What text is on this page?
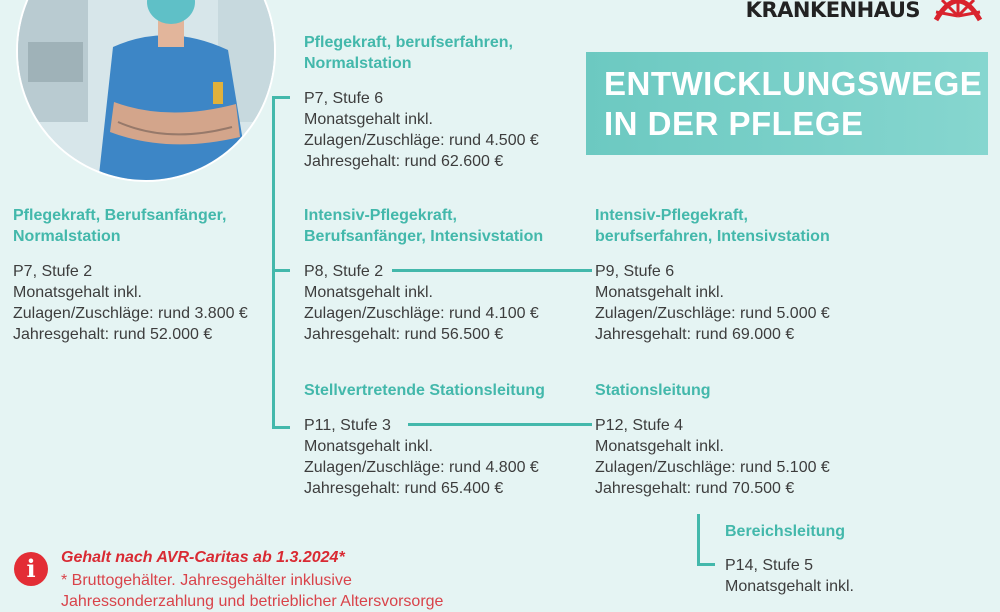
KRANKENHAUS
ENTWICKLUNGSWEGE
IN DER PFLEGE
Pflegekraft, Berufsanfänger,
Normalstation
P7, Stufe 2
Monatsgehalt inkl.
Zulagen/Zuschläge: rund 3.800 €
Jahresgehalt: rund 52.000 €
Pflegekraft, berufserfahren,
Normalstation
P7, Stufe 6
Monatsgehalt inkl.
Zulagen/Zuschläge: rund 4.500 €
Jahresgehalt: rund 62.600 €
Intensiv-Pflegekraft,
Berufsanfänger, Intensivstation
P8, Stufe 2
Monatsgehalt inkl.
Zulagen/Zuschläge: rund 4.100 €
Jahresgehalt: rund 56.500 €
Intensiv-Pflegekraft,
berufserfahren, Intensivstation
P9, Stufe 6
Monatsgehalt inkl.
Zulagen/Zuschläge: rund 5.000 €
Jahresgehalt: rund 69.000 €
Stellvertretende Stationsleitung
P11, Stufe 3
Monatsgehalt inkl.
Zulagen/Zuschläge: rund 4.800 €
Jahresgehalt: rund 65.400 €
Stationsleitung
P12, Stufe 4
Monatsgehalt inkl.
Zulagen/Zuschläge: rund 5.100 €
Jahresgehalt: rund 70.500 €
Bereichsleitung
P14, Stufe 5
Monatsgehalt inkl.
i	Gehalt nach AVR-Caritas ab 1.3.2024*
* Bruttogehälter. Jahresgehälter inklusive
Jahressonderzahlung und betrieblicher Altersvorsorge
